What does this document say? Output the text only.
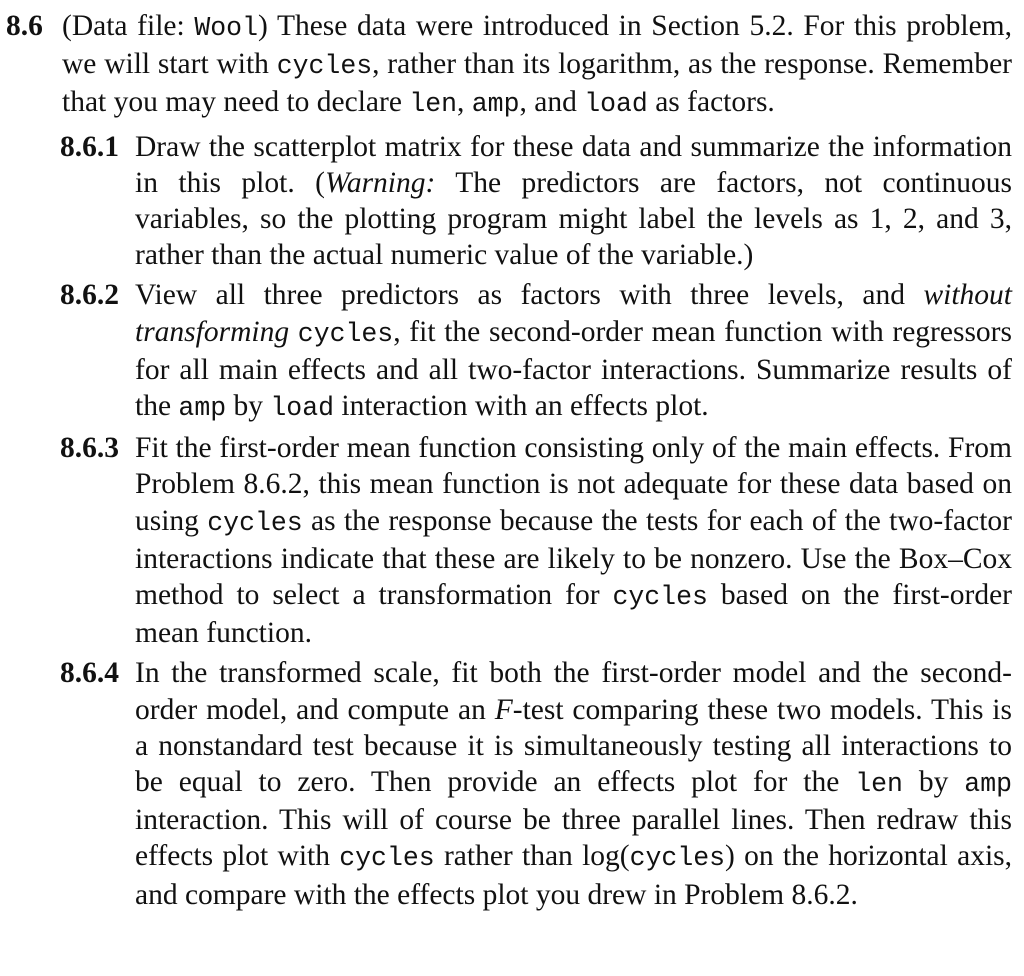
8.6 (Data file: Wool) These data were introduced in Section 5.2. For this problem, we will start with cycles, rather than its logarithm, as the response. Remember that you may need to declare len, amp, and load as factors.

8.6.1 Draw the scatterplot matrix for these data and summarize the information in this plot. (Warning: The predictors are factors, not continuous variables, so the plotting program might label the levels as 1, 2, and 3, rather than the actual numeric value of the variable.)

8.6.2 View all three predictors as factors with three levels, and without transforming cycles, fit the second-order mean function with regressors for all main effects and all two-factor interactions. Summarize results of the amp by load interaction with an effects plot.

8.6.3 Fit the first-order mean function consisting only of the main effects. From Problem 8.6.2, this mean function is not adequate for these data based on using cycles as the response because the tests for each of the two-factor interactions indicate that these are likely to be nonzero. Use the Box–Cox method to select a transformation for cycles based on the first-order mean function.

8.6.4 In the transformed scale, fit both the first-order model and the second-order model, and compute an F-test comparing these two models. This is a nonstandard test because it is simultaneously testing all interactions to be equal to zero. Then provide an effects plot for the len by amp interaction. This will of course be three parallel lines. Then redraw this effects plot with cycles rather than log(cycles) on the horizontal axis, and compare with the effects plot you drew in Problem 8.6.2.
